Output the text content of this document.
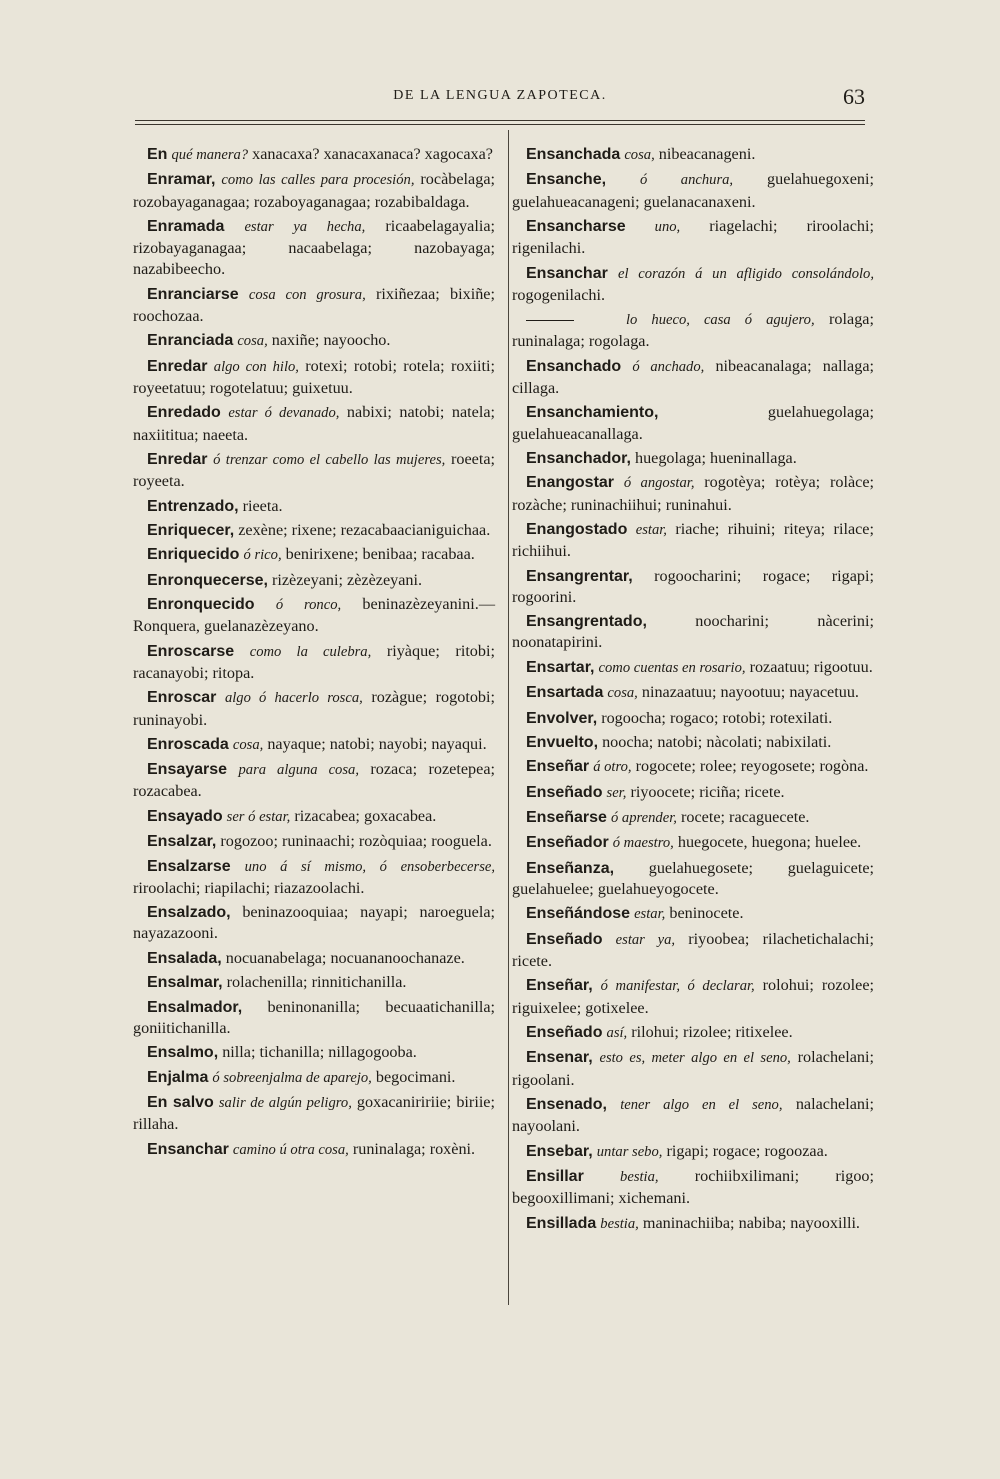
DE LA LENGUA ZAPOTECA.	63

En qué manera? xanacaxa? xanacaxanaca? xagocaxa?

Enramar, como las calles para procesión, rocàbelaga; rozobayaganagaa; rozaboyaganagaa; rozabibaldaga.

Enramada estar ya hecha, ricaabelagayalia; rizobayaganagaa; nacaabelaga; nazobayaga; nazabibeecho.

Enranciarse cosa con grosura, rixiñezaa; bixiñe; roochozaa.

Enranciada cosa, naxiñe; nayoocho.

Enredar algo con hilo, rotexi; rotobi; rotela; roxiiti; royeetatuu; rogotelatuu; guixetuu.

Enredado estar ó devanado, nabixi; natobi; natela; naxiititua; naeeta.

Enredar ó trenzar como el cabello las mujeres, roeeta; royeeta.

Entrenzado, rieeta.

Enriquecer, zexène; rixene; rezacabaacianiguichaa.

Enriquecido ó rico, benirixene; benibaa; racabaa.

Enronquecerse, rizèzeyani; zèzèzeyani.

Enronquecido ó ronco, beninazèzeyanini.— Ronquera, guelanazèzeyano.

Enroscarse como la culebra, riyàque; ritobi; racanayobi; ritopa.

Enroscar algo ó hacerlo rosca, rozàgue; rogotobi; runinayobi.

Enroscada cosa, nayaque; natobi; nayobi; nayaqui.

Ensayarse para alguna cosa, rozaca; rozetepea; rozacabea.

Ensayado ser ó estar, rizacabea; goxacabea.

Ensalzar, rogozoo; runinaachi; rozòquiaa; rooguela.

Ensalzarse uno á sí mismo, ó ensoberbecerse, riroolachi; riapilachi; riazazoolachi.

Ensalzado, beninazooquiaa; nayapi; naroeguela; nayazazooni.

Ensalada, nocuanabelaga; nocuananoochanaze.

Ensalmar, rolachenilla; rinnitichanilla.

Ensalmador, beninonanilla; becuaatichanilla; goniitichanilla.

Ensalmo, nilla; tichanilla; nillagogooba.

Enjalma ó sobreenjalma de aparejo, begocimani.

En salvo salir de algún peligro, goxacaniririie; biriie; rillaha.

Ensanchar camino ú otra cosa, runinalaga; roxèni.

Ensanchada cosa, nibeacanageni.

Ensanche, ó anchura, guelahuegoxeni; guelahueacanageni; guelanacanaxeni.

Ensancharse uno, riagelachi; riroolachi; rigenilachi.

Ensanchar el corazón á un afligido consolándolo, rogogenilachi.

lo hueco, casa ó agujero, rolaga; runinalaga; rogolaga.

Ensanchado ó anchado, nibeacanalaga; nallaga; cillaga.

Ensanchamiento,	guelahuegolaga; guelahueacanallaga.

Ensanchador, huegolaga; hueninallaga.

Enangostar ó angostar, rogotèya; rotèya; rolàce; rozàche; runinachiihui; runinahui.

Enangostado estar, riache; rihuini; riteya; rilace; richiihui.

Ensangrentar, rogoocharini; rogace; rigapi; rogoorini.

Ensangrentado,	noocharini; nàcerini; noonatapirini.

Ensartar, como cuentas en rosario, rozaatuu; rigootuu.

Ensartada cosa, ninazaatuu; nayootuu; nayacetuu.

Envolver, rogoocha; rogaco; rotobi; rotexilati.

Envuelto, noocha; natobi; nàcolati; nabixilati.

Enseñar á otro, rogocete; rolee; reyogosete; rogòna.

Enseñado ser, riyoocete; riciña; ricete.

Enseñarse ó aprender, rocete; racaguecete.

Enseñador ó maestro, huegocete, huegona; huelee.

Enseñanza, guelahuegosete; guelaguicete; guelahuelee; guelahueyogocete.

Enseñándose estar, beninocete.

Enseñado estar ya, riyoobea; rilachetichalachi; ricete.

Enseñar, ó manifestar, ó declarar, rolohui; rozolee; riguixelee; gotixelee.

Enseñado así, rilohui; rizolee; ritixelee.

Ensenar, esto es, meter algo en el seno, rolachelani; rigoolani.

Ensenado, tener algo en el seno, nalachelani; nayoolani.

Ensebar, untar sebo, rigapi; rogace; rogoozaa.

Ensillar bestia, rochiibxilimani; rigoo; begooxillimani; xichemani.

Ensillada bestia, maninachiiba; nabiba; nayooxilli.
